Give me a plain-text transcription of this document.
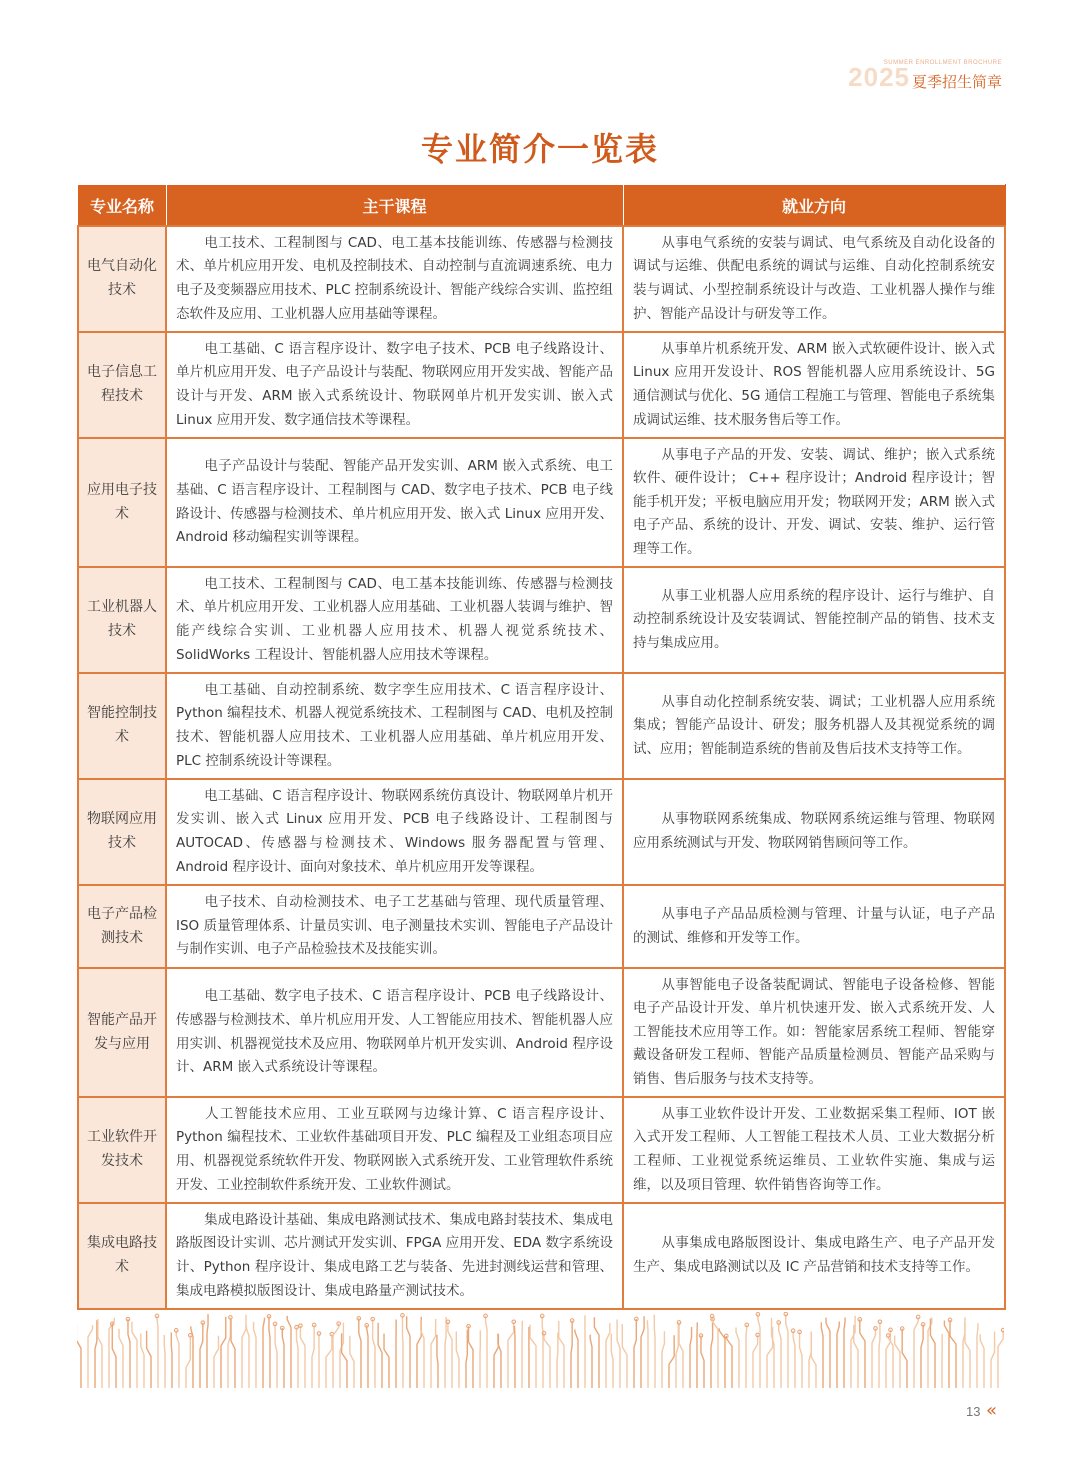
2025
SUMMER ENROLLMENT BROCHURE
夏季招生简章
专业简介一览表
专业名称	主干课程	就业方向
电气自动化技术	电工技术、工程制图与 CAD、电工基本技能训练、传感器与检测技术、单片机应用开发、电机及控制技术、自动控制与直流调速系统、电力电子及变频器应用技术、PLC 控制系统设计、智能产线综合实训、监控组态软件及应用、工业机器人应用基础等课程。	从事电气系统的安装与调试、电气系统及自动化设备的调试与运维、供配电系统的调试与运维、自动化控制系统安装与调试、小型控制系统设计与改造、工业机器人操作与维护、智能产品设计与研发等工作。
电子信息工程技术	电工基础、C 语言程序设计、数字电子技术、PCB 电子线路设计、单片机应用开发、电子产品设计与装配、物联网应用开发实战、智能产品设计与开发、ARM 嵌入式系统设计、物联网单片机开发实训、嵌入式 Linux 应用开发、数字通信技术等课程。	从事单片机系统开发、ARM 嵌入式软硬件设计、嵌入式 Linux 应用开发设计、ROS 智能机器人应用系统设计、5G 通信测试与优化、5G 通信工程施工与管理、智能电子系统集成调试运维、技术服务售后等工作。
应用电子技术	电子产品设计与装配、智能产品开发实训、ARM 嵌入式系统、电工基础、C 语言程序设计、工程制图与 CAD、数字电子技术、PCB 电子线路设计、传感器与检测技术、单片机应用开发、嵌入式 Linux 应用开发、Android 移动编程实训等课程。	从事电子产品的开发、安装、调试、维护；嵌入式系统软件、硬件设计； C++ 程序设计；Android 程序设计；智能手机开发；平板电脑应用开发；物联网开发；ARM 嵌入式电子产品、系统的设计、开发、调试、安装、维护、运行管理等工作。
工业机器人技术	电工技术、工程制图与 CAD、电工基本技能训练、传感器与检测技术、单片机应用开发、工业机器人应用基础、工业机器人装调与维护、智能产线综合实训、工业机器人应用技术、机器人视觉系统技术、SolidWorks 工程设计、智能机器人应用技术等课程。	从事工业机器人应用系统的程序设计、运行与维护、自动控制系统设计及安装调试、智能控制产品的销售、技术支持与集成应用。
智能控制技术	电工基础、自动控制系统、数字孪生应用技术、C 语言程序设计、Python 编程技术、机器人视觉系统技术、工程制图与 CAD、电机及控制技术、智能机器人应用技术、工业机器人应用基础、单片机应用开发、PLC 控制系统设计等课程。	从事自动化控制系统安装、调试；工业机器人应用系统集成；智能产品设计、研发；服务机器人及其视觉系统的调试、应用；智能制造系统的售前及售后技术支持等工作。
物联网应用技术	电工基础、C 语言程序设计、物联网系统仿真设计、物联网单片机开发实训、嵌入式 Linux 应用开发、PCB 电子线路设计、工程制图与 AUTOCAD、传感器与检测技术、Windows 服务器配置与管理、Android 程序设计、面向对象技术、单片机应用开发等课程。	从事物联网系统集成、物联网系统运维与管理、物联网应用系统测试与开发、物联网销售顾问等工作。
电子产品检测技术	电子技术、自动检测技术、电子工艺基础与管理、现代质量管理、ISO 质量管理体系、计量员实训、电子测量技术实训、智能电子产品设计与制作实训、电子产品检验技术及技能实训。	从事电子产品品质检测与管理、计量与认证，电子产品的测试、维修和开发等工作。
智能产品开发与应用	电工基础、数字电子技术、C 语言程序设计、PCB 电子线路设计、传感器与检测技术、单片机应用开发、人工智能应用技术、智能机器人应用实训、机器视觉技术及应用、物联网单片机开发实训、Android 程序设计、ARM 嵌入式系统设计等课程。	从事智能电子设备装配调试、智能电子设备检修、智能电子产品设计开发、单片机快速开发、嵌入式系统开发、人工智能技术应用等工作。如：智能家居系统工程师、智能穿戴设备研发工程师、智能产品质量检测员、智能产品采购与销售、售后服务与技术支持等。
工业软件开发技术	人工智能技术应用、工业互联网与边缘计算、C 语言程序设计、Python 编程技术、工业软件基础项目开发、PLC 编程及工业组态项目应用、机器视觉系统软件开发、物联网嵌入式系统开发、工业管理软件系统开发、工业控制软件系统开发、工业软件测试。	从事工业软件设计开发、工业数据采集工程师、IOT 嵌入式开发工程师、人工智能工程技术人员、工业大数据分析工程师、工业视觉系统运维员、工业软件实施、集成与运维，以及项目管理、软件销售咨询等工作。
集成电路技术	集成电路设计基础、集成电路测试技术、集成电路封装技术、集成电路版图设计实训、芯片测试开发实训、FPGA 应用开发、EDA 数字系统设计、Python 程序设计、集成电路工艺与装备、先进封测线运营和管理、集成电路模拟版图设计、集成电路量产测试技术。	从事集成电路版图设计、集成电路生产、电子产品开发生产、集成电路测试以及 IC 产品营销和技术支持等工作。
13 «
